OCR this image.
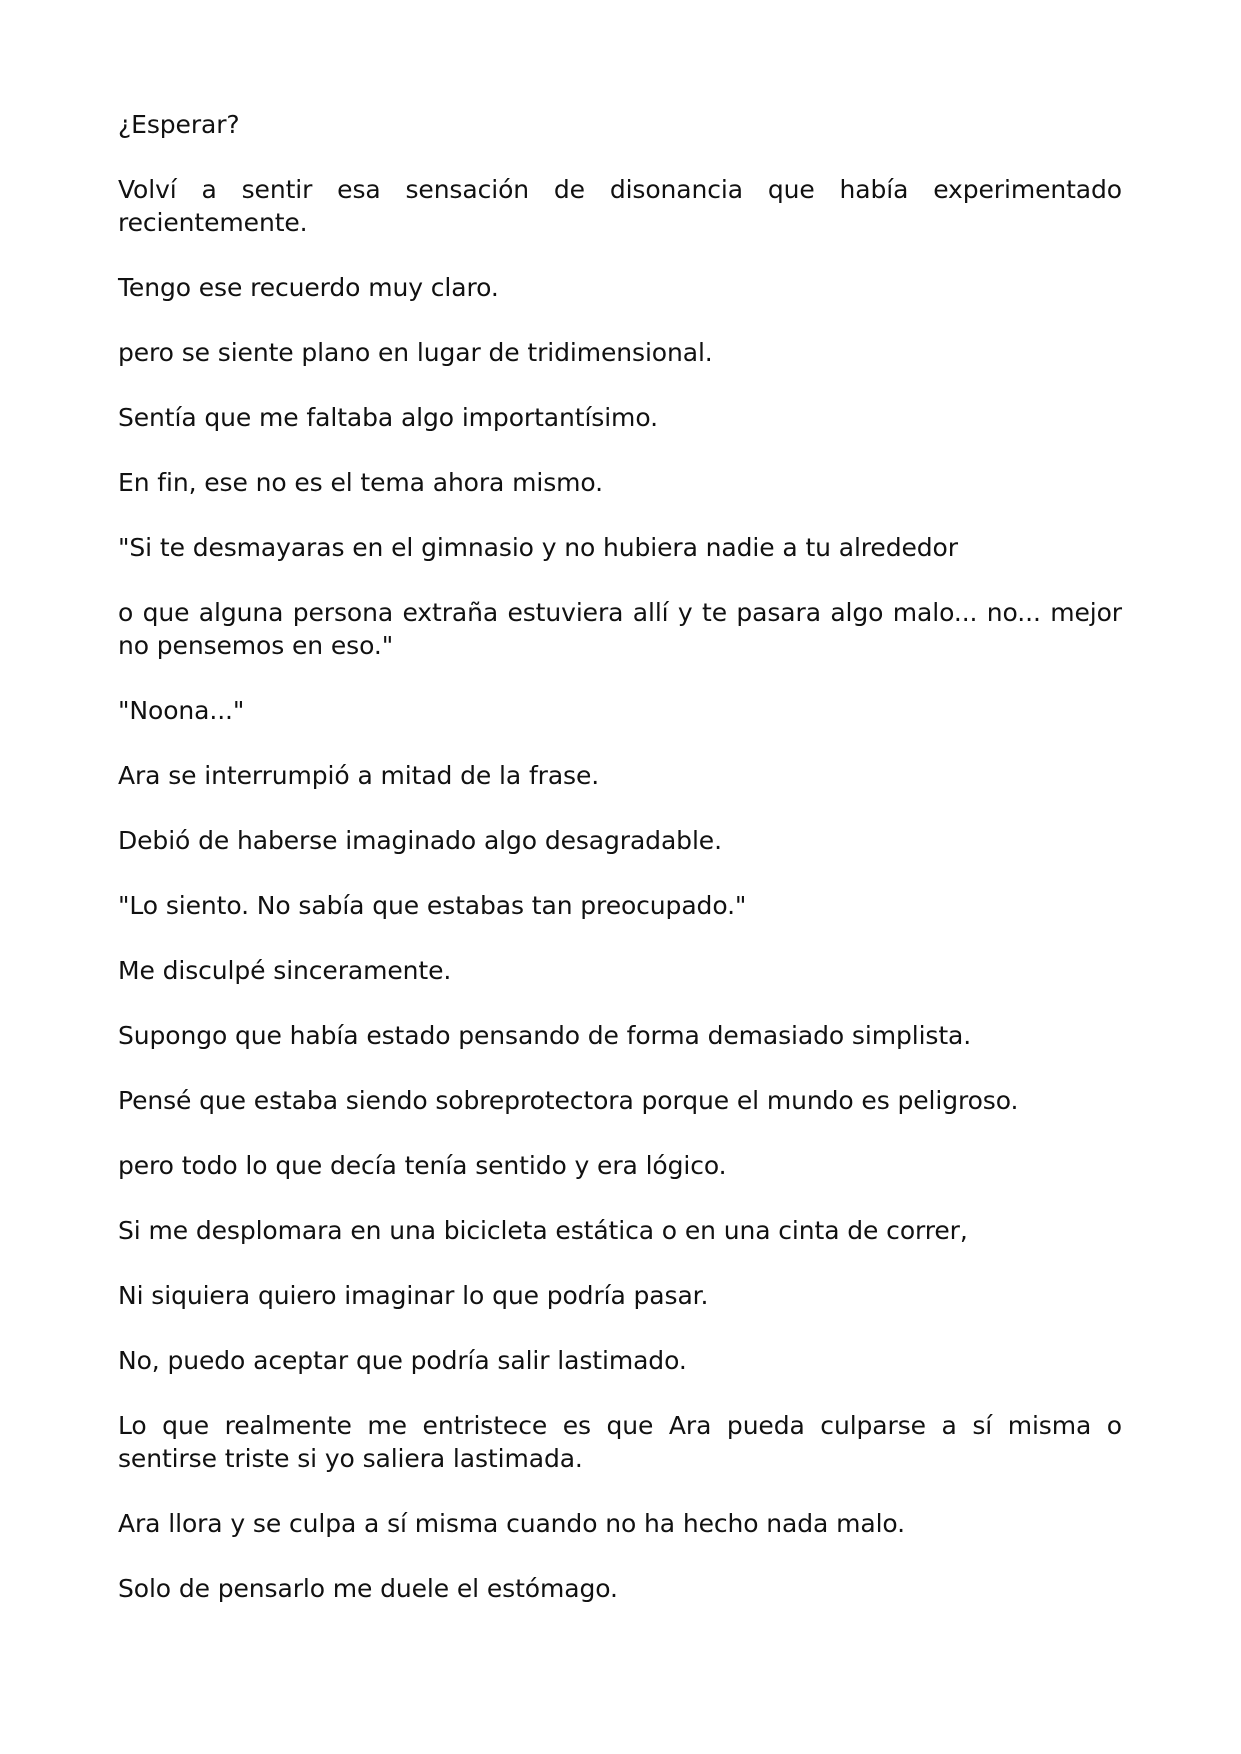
¿Esperar?

Volví a sentir esa sensación de disonancia que había experimentado recientemente.

Tengo ese recuerdo muy claro.

pero se siente plano en lugar de tridimensional.

Sentía que me faltaba algo importantísimo.

En fin, ese no es el tema ahora mismo.

"Si te desmayaras en el gimnasio y no hubiera nadie a tu alrededor

o que alguna persona extraña estuviera allí y te pasara algo malo... no... mejor no pensemos en eso."

"Noona..."

Ara se interrumpió a mitad de la frase.

Debió de haberse imaginado algo desagradable.

"Lo siento. No sabía que estabas tan preocupado."

Me disculpé sinceramente.

Supongo que había estado pensando de forma demasiado simplista.

Pensé que estaba siendo sobreprotectora porque el mundo es peligroso.

pero todo lo que decía tenía sentido y era lógico.

Si me desplomara en una bicicleta estática o en una cinta de correr,

Ni siquiera quiero imaginar lo que podría pasar.

No, puedo aceptar que podría salir lastimado.

Lo que realmente me entristece es que Ara pueda culparse a sí misma o sentirse triste si yo saliera lastimada.

Ara llora y se culpa a sí misma cuando no ha hecho nada malo.

Solo de pensarlo me duele el estómago.
